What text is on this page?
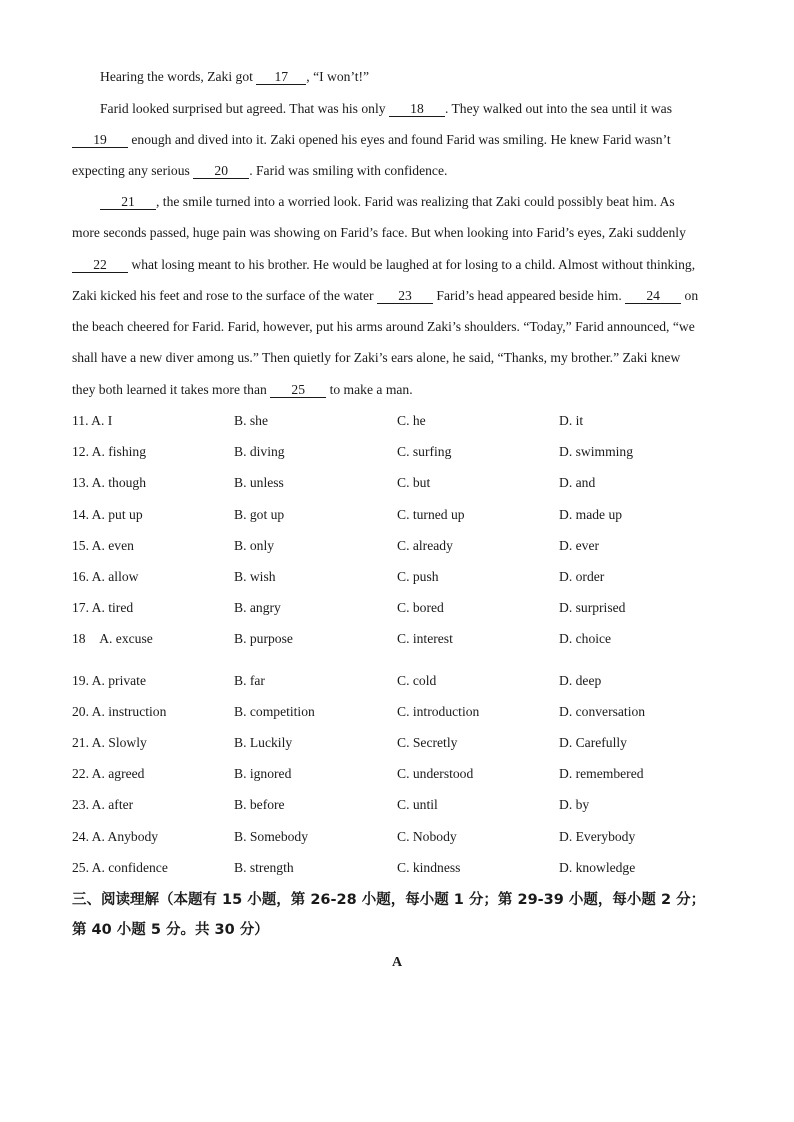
Hearing the words, Zaki got 17 , “I won’t!”
Farid looked surprised but agreed. That was his only 18 . They walked out into the sea until it was
19 enough and dived into it. Zaki opened his eyes and found Farid was smiling. He knew Farid wasn’t
expecting any serious 20 . Farid was smiling with confidence.
21 , the smile turned into a worried look. Farid was realizing that Zaki could possibly beat him. As
more seconds passed, huge pain was showing on Farid’s face. But when looking into Farid’s eyes, Zaki suddenly
22 what losing meant to his brother. He would be laughed at for losing to a child. Almost without thinking,
Zaki kicked his feet and rose to the surface of the water 23 Farid’s head appeared beside him. 24 on
the beach cheered for Farid. Farid, however, put his arms around Zaki’s shoulders. “Today,” Farid announced, “we
shall have a new diver among us.” Then quietly for Zaki’s ears alone, he said, “Thanks, my brother.” Zaki knew
they both learned it takes more than 25 to make a man.
11. A. I	B. she	C. he	D. it
12. A. fishing	B. diving	C. surfing	D. swimming
13. A. though	B. unless	C. but	D. and
14. A. put up	B. got up	C. turned up	D. made up
15. A. even	B. only	C. already	D. ever
16. A. allow	B. wish	C. push	D. order
17. A. tired	B. angry	C. bored	D. surprised
18 A. excuse	B. purpose	C. interest	D. choice
19. A. private	B. far	C. cold	D. deep
20. A. instruction	B. competition	C. introduction	D. conversation
21. A. Slowly	B. Luckily	C. Secretly	D. Carefully
22. A. agreed	B. ignored	C. understood	D. remembered
23. A. after	B. before	C. until	D. by
24. A. Anybody	B. Somebody	C. Nobody	D. Everybody
25. A. confidence	B. strength	C. kindness	D. knowledge
三、阅读理解（本题有 15 小题，第 26-28 小题，每小题 1 分；第 29-39 小题，每小题 2 分；
第 40 小题 5 分。共 30 分）
A
